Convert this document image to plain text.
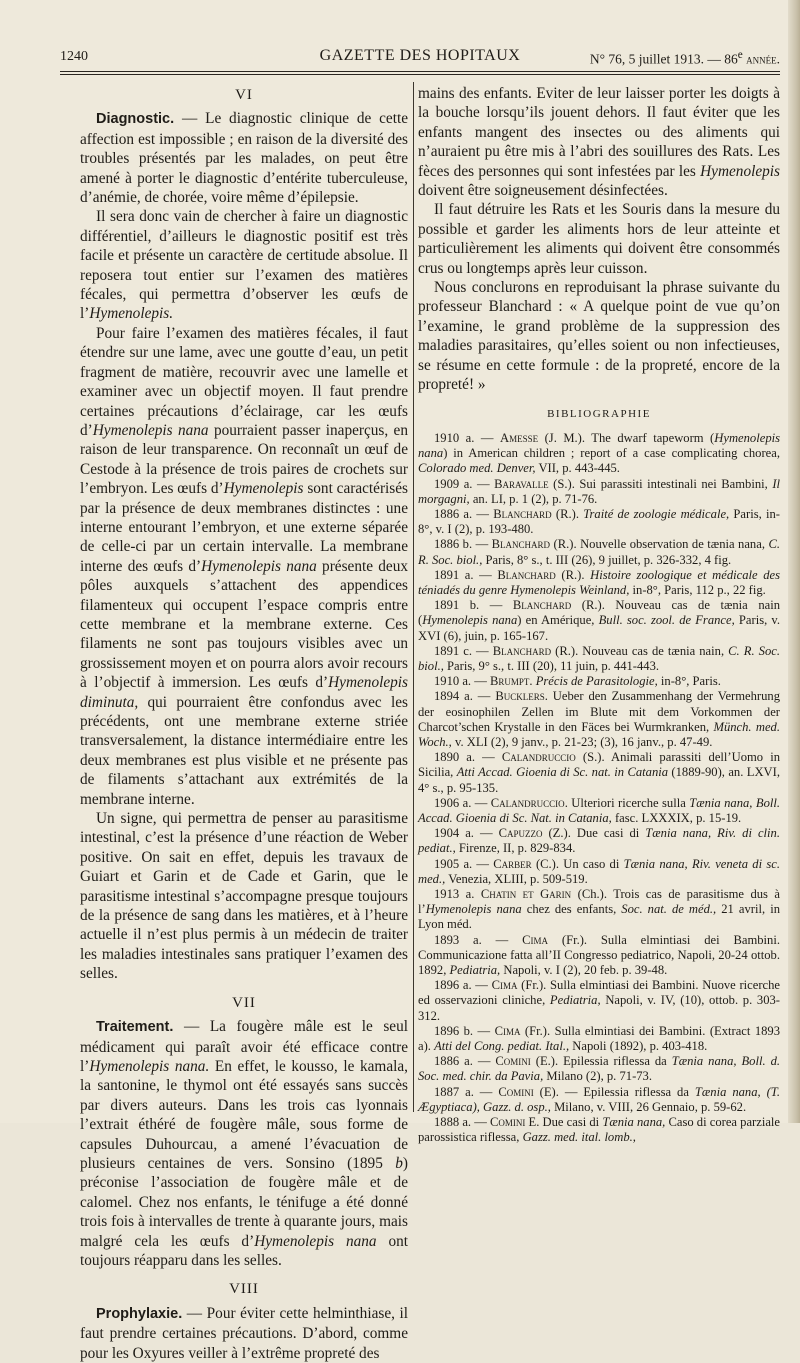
1240	GAZETTE DES HOPITAUX	N° 76, 5 juillet 1913. — 86e année.
VI

Diagnostic. — Le diagnostic clinique de cette affection est impossible ; en raison de la diversité des troubles présentés par les malades, on peut être amené à porter le diagnostic d’entérite tuberculeuse, d’anémie, de chorée, voire même d’épilepsie.

Il sera donc vain de chercher à faire un diagnostic différentiel, d’ailleurs le diagnostic positif est très facile et présente un caractère de certitude absolue. Il reposera tout entier sur l’examen des matières fécales, qui permettra d’observer les œufs de l’Hymenolepis.

Pour faire l’examen des matières fécales, il faut étendre sur une lame, avec une goutte d’eau, un petit fragment de matière, recouvrir avec une lamelle et examiner avec un objectif moyen. Il faut prendre certaines précautions d’éclairage, car les œufs d’Hymenolepis nana pourraient passer inaperçus, en raison de leur transparence. On reconnaît un œuf de Cestode à la présence de trois paires de crochets sur l’embryon. Les œufs d’Hymenolepis sont caractérisés par la présence de deux membranes distinctes : une interne entourant l’embryon, et une externe séparée de celle-ci par un certain intervalle. La membrane interne des œufs d’Hymenolepis nana présente deux pôles auxquels s’attachent des appendices filamenteux qui occupent l’espace compris entre cette membrane et la membrane externe. Ces filaments ne sont pas toujours visibles avec un grossissement moyen et on pourra alors avoir recours à l’objectif à immersion. Les œufs d’Hymenolepis diminuta, qui pourraient être confondus avec les précédents, ont une membrane externe striée transversalement, la distance intermédiaire entre les deux membranes est plus visible et ne présente pas de filaments s’attachant aux extrémités de la membrane interne.

Un signe, qui permettra de penser au parasitisme intestinal, c’est la présence d’une réaction de Weber positive. On sait en effet, depuis les travaux de Guiart et Garin et de Cade et Garin, que le parasitisme intestinal s’accompagne presque toujours de la présence de sang dans les matières, et à l’heure actuelle il n’est plus permis à un médecin de traiter les maladies intestinales sans pratiquer l’examen des selles.

VII

Traitement. — La fougère mâle est le seul médicament qui paraît avoir été efficace contre l’Hymenolepis nana. En effet, le kousso, le kamala, la santonine, le thymol ont été essayés sans succès par divers auteurs. Dans les trois cas lyonnais l’extrait éthéré de fougère mâle, sous forme de capsules Duhourcau, a amené l’évacuation de plusieurs centaines de vers. Sonsino (1895 b) préconise l’association de fougère mâle et de calomel. Chez nos enfants, le ténifuge a été donné trois fois à intervalles de trente à quarante jours, mais malgré cela les œufs d’Hymenolepis nana ont toujours réapparu dans les selles.

VIII

Prophylaxie. — Pour éviter cette helminthiase, il faut prendre certaines précautions. D’abord, comme pour les Oxyures veiller à l’extrême propreté des

mains des enfants. Eviter de leur laisser porter les doigts à la bouche lorsqu’ils jouent dehors. Il faut éviter que les enfants mangent des insectes ou des aliments qui n’auraient pu être mis à l’abri des souillures des Rats. Les fèces des personnes qui sont infestées par les Hymenolepis doivent être soigneusement désinfectées.

Il faut détruire les Rats et les Souris dans la mesure du possible et garder les aliments hors de leur atteinte et particulièrement les aliments qui doivent être consommés crus ou longtemps après leur cuisson.

Nous conclurons en reproduisant la phrase suivante du professeur Blanchard : « A quelque point de vue qu’on l’examine, le grand problème de la suppression des maladies parasitaires, qu’elles soient ou non infectieuses, se résume en cette formule : de la propreté, encore de la propreté! »

BIBLIOGRAPHIE

1910 a. — Amesse (J. M.). The dwarf tapeworm (Hymenolepis nana) in American children ; report of a case complicating chorea, Colorado med. Denver, VII, p. 443-445.

1909 a. — Baravalle (S.). Sui parassiti intestinali nei Bambini, Il morgagni, an. LI, p. 1 (2), p. 71-76.

1886 a. — Blanchard (R.). Traité de zoologie médicale, Paris, in-8°, v. I (2), p. 193-480.

1886 b. — Blanchard (R.). Nouvelle observation de tænia nana, C. R. Soc. biol., Paris, 8° s., t. III (26), 9 juillet, p. 326-332, 4 fig.

1891 a. — Blanchard (R.). Histoire zoologique et médicale des téniadés du genre Hymenolepis Weinland, in-8°, Paris, 112 p., 22 fig.

1891 b. — Blanchard (R.). Nouveau cas de tænia nain (Hymenolepis nana) en Amérique, Bull. soc. zool. de France, Paris, v. XVI (6), juin, p. 165-167.

1891 c. — Blanchard (R.). Nouveau cas de tænia nain, C. R. Soc. biol., Paris, 9° s., t. III (20), 11 juin, p. 441-443.

1910 a. — Brumpt. Précis de Parasitologie, in-8°, Paris.

1894 a. — Bucklers. Ueber den Zusammenhang der Vermehrung der eosinophilen Zellen im Blute mit dem Vorkommen der Charcot’schen Krystalle in den Fäces bei Wurmkranken, Münch. med. Woch., v. XLI (2), 9 janv., p. 21-23; (3), 16 janv., p. 47-49.

1890 a. — Calandruccio (S.). Animali parassiti dell’Uomo in Sicilia, Atti Accad. Gioenia di Sc. nat. in Catania (1889-90), an. LXVI, 4° s., p. 95-135.

1906 a. — Calandruccio. Ulteriori ricerche sulla Tænia nana, Boll. Accad. Gioenia di Sc. Nat. in Catania, fasc. LXXXIX, p. 15-19.

1904 a. — Capuzzo (Z.). Due casi di Tænia nana, Riv. di clin. pediat., Firenze, II, p. 829-834.

1905 a. — Carber (C.). Un caso di Tænia nana, Riv. veneta di sc. med., Venezia, XLIII, p. 509-519.

1913 a. Chatin et Garin (Ch.). Trois cas de parasitisme dus à l’Hymenolepis nana chez des enfants, Soc. nat. de méd., 21 avril, in Lyon méd.

1893 a. — Cima (Fr.). Sulla elmintiasi dei Bambini. Communicazione fatta all’II Congresso pediatrico, Napoli, 20-24 ottob. 1892, Pediatria, Napoli, v. I (2), 20 feb. p. 39-48.

1896 a. — Cima (Fr.). Sulla elmintiasi dei Bambini. Nuove ricerche ed osservazioni cliniche, Pediatria, Napoli, v. IV, (10), ottob. p. 303-312.

1896 b. — Cima (Fr.). Sulla elmintiasi dei Bambini. (Extract 1893 a). Atti del Cong. pediat. Ital., Napoli (1892), p. 403-418.

1886 a. — Comini (E.). Epilessia riflessa da Tænia nana, Boll. d. Soc. med. chir. da Pavia, Milano (2), p. 71-73.

1887 a. — Comini (E). — Epilessia riflessa da Tænia nana, (T. Ægyptiaca), Gazz. d. osp., Milano, v. VIII, 26 Gennaio, p. 59-62.

1888 a. — Comini E. Due casi di Tænia nana, Caso di corea parziale parossistica riflessa, Gazz. med. ital. lomb.,
